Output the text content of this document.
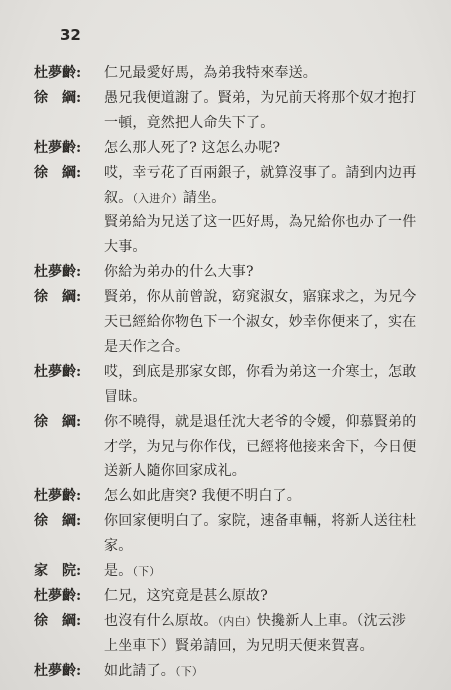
32
杜夢齡: 仁兄最愛好馬，為弟我特來奉送。
徐　綱: 愚兄我便道謝了。賢弟，为兄前天将那个奴才抱打
一頓，竟然把人命失下了。
杜夢齡: 怎么那人死了? 这怎么办呢?
徐　綱: 哎，幸亏花了百兩銀子，就算沒事了。請到内边再
叙。（入进介）請坐。
賢弟給为兄送了这一匹好馬，為兄給你也办了一件
大事。
杜夢齡: 你給为弟办的什么大事?
徐　綱: 賢弟，你从前曾說，窈窕淑女，寤寐求之，为兄今
天已經給你物色下一个淑女，妙幸你便来了，实在
是天作之合。
杜夢齡: 哎，到底是那家女郎，你看为弟这一介寒士，怎敢
冒昧。
徐　綱: 你不曉得，就是退任沈大老爷的令嬡，仰慕賢弟的
才学，为兄与你作伐，已經将他接来舍下，今日便
送新人隨你回家成礼。
杜夢齡: 怎么如此唐突? 我便不明白了。
徐　綱: 你回家便明白了。家院，速备車輛，将新人送往杜
家。
家　院: 是。（下）
杜夢齡: 仁兄，这究竟是甚么原故?
徐　綱: 也沒有什么原故。（内白）快攙新人上車。（沈云涉
上坐車下）賢弟請回，为兄明天便来賀喜。
杜夢齡: 如此請了。（下）
